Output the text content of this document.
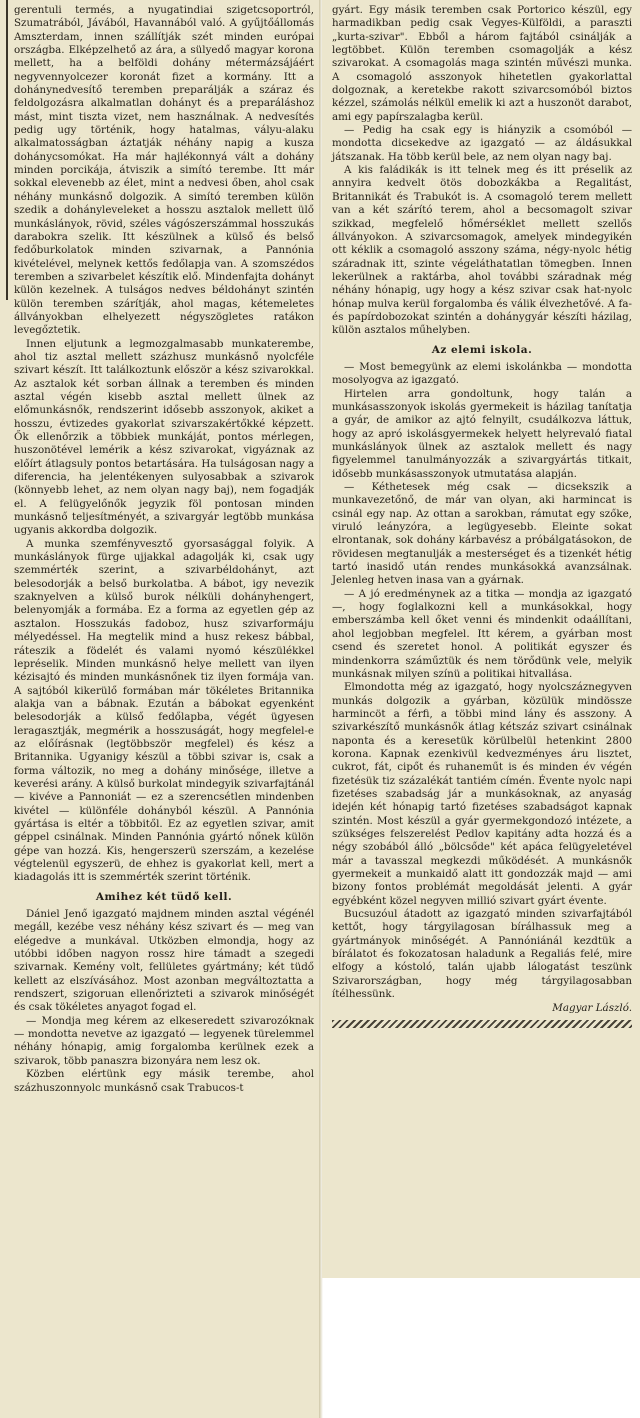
gerentuli termés, a nyugatindiai szigetcsoportról, Szumatrából, Jávából, Havannából való. A gyűjtőállomás Amszterdam, innen szállítják szét minden európai országba. Elképzelhető az ára, a sülyedő magyar korona mellett, ha a belföldi dohány métermázsájáért negyvennyolcezer koronát fizet a kormány. Itt a dohánynedvesítő teremben preparálják a száraz és feldolgozásra alkalmatlan dohányt és a preparáláshoz mást, mint tiszta vizet, nem használnak. A nedvesítés pedig ugy történik, hogy hatalmas, vályu-alaku alkalmatosságban áztatják néhány napig a kusza dohánycsomókat. Ha már hajlékonnyá vált a dohány minden porcikája, átviszik a simító terembe. Itt már sokkal elevenebb az élet, mint a nedvesi őben, ahol csak néhány munkásnő dolgozik. A simító teremben külön szedik a dohányleveleket a hosszu asztalok mellett ülő munkáslányok, rövid, széles vágószerszámmal hosszukás darabokra szelik. Itt készülnek a külső és belső fedőburkolatok minden szivarnak, a Pannónia kivételével, melynek kettős fedőlapja van. A szomszédos teremben a szivarbelet készítik elő. Mindenfajta dohányt külön kezelnek. A tulságos nedves béldohányt szintén külön teremben szárítják, ahol magas, kétemeletes állványokban elhelyezett négyszögletes ratákon levegőztetik.

Innen eljutunk a legmozgalmasabb munkaterembe, ahol tiz asztal mellett százhusz munkásnő nyolcféle szivart készít. Itt találkoztunk először a kész szivarokkal. Az asztalok két sorban állnak a teremben és minden asztal végén kisebb asztal mellett ülnek az előmunkásnők, rendszerint idősebb asszonyok, akiket a hosszu, évtizedes gyakorlat szivarszakértőkké képzett. Ők ellenőrzik a többiek munkáját, pontos mérlegen, huszonötével lemérik a kész szivarokat, vigyáznak az előírt átlagsuly pontos betartására. Ha tulságosan nagy a diferencia, ha jelentékenyen sulyosabbak a szivarok (könnyebb lehet, az nem olyan nagy baj), nem fogadják el. A felügyelőnők jegyzik föl pontosan minden munkásnő teljesítményét, a szivargyár legtöbb munkása ugyanis akkordba dolgozik.

A munka szemfényvesztő gyorsasággal folyik. A munkáslányok fürge ujjakkal adagolják ki, csak ugy szemmérték szerint, a szivarbéldohányt, azt belesodorják a belső burkolatba. A bábot, igy nevezik szaknyelven a külső burok nélküli dohányhengert, belenyomják a formába. Ez a forma az egyetlen gép az asztalon. Hosszukás fadoboz, husz szivarformáju mélyedéssel. Ha megtelik mind a husz rekesz bábbal, ráteszik a födelét és valami nyomó készülékkel lepréselik. Minden munkásnő helye mellett van ilyen kézisajtó és minden munkásnőnek tiz ilyen formája van. A sajtóból kikerülő formában már tökéletes Britannika alakja van a bábnak. Ezután a bábokat egyenként belesodorják a külső fedőlapba, végét ügyesen leragasztják, megmérik a hosszuságát, hogy megfelel-e az előírásnak (legtöbbször megfelel) és kész a Britannika. Ugyanigy készül a többi szivar is, csak a forma változik, no meg a dohány minősége, illetve a keverési arány. A külső burkolat mindegyik szivarfajtánál — kivéve a Pannoniát — ez a szerencsétlen mindenben kivétel — különféle dohányból készül. A Pannónia gyártása is eltér a többitől. Ez az egyetlen szivar, amit géppel csinálnak. Minden Pannónia gyártó nőnek külön gépe van hozzá. Kis, hengerszerü szerszám, a kezelése végtelenül egyszerü, de ehhez is gyakorlat kell, mert a kiadagolás itt is szemmérték szerint történik.

Amihez két tüdő kell.

Dániel Jenő igazgató majdnem minden asztal végénél megáll, kezébe vesz néhány kész szivart és — meg van elégedve a munkával. Utközben elmondja, hogy az utóbbi időben nagyon rossz hire támadt a szegedi szivarnak. Kemény volt, fellületes gyártmány; két tüdő kellett az elszívásához. Most azonban megváltoztatta a rendszert, szigoruan ellenőrizteti a szivarok minőségét és csak tökéletes anyagot fogad el.

— Mondja meg kérem az elkeseredett szivarozóknak — mondotta nevetve az igazgató — legyenek türelemmel néhány hónapig, amig forgalomba kerülnek ezek a szivarok, több panaszra bizonyára nem lesz ok.

Közben elértünk egy másik terembe, ahol százhuszonnyolc munkásnő csak Trabucos-t

gyárt. Egy másik teremben csak Portorico készül, egy harmadikban pedig csak Vegyes-Külföldi, a paraszti „kurta-szivar". Ebből a három fajtából csinálják a legtöbbet. Külön teremben csomagolják a kész szivarokat. A csomagolás maga szintén művészi munka. A csomagoló asszonyok hihetetlen gyakorlattal dolgoznak, a keretekbe rakott szivarcsomóból biztos kézzel, számolás nélkül emelik ki azt a huszonöt darabot, ami egy papírszalagba kerül.

— Pedig ha csak egy is hiányzik a csomóból — mondotta dicsekedve az igazgató — az áldásukkal játszanak. Ha több kerül bele, az nem olyan nagy baj.

A kis faládikák is itt telnek meg és itt préselik az annyira kedvelt ötös dobozkákba a Regalitást, Britannikát és Trabukót is. A csomagoló terem mellett van a két szárító terem, ahol a becsomagolt szivar szikkad, megfelelő hőmérséklet mellett szellős állványokon. A szivarcsomagok, amelyek mindegyikén ott kéklik a csomagoló asszony száma, négy-nyolc hétig száradnak itt, szinte végeláthatatlan tömegben. Innen lekerülnek a raktárba, ahol további száradnak még néhány hónapig, ugy hogy a kész szivar csak hat-nyolc hónap mulva kerül forgalomba és válik élvezhetővé. A fa- és papírdobozokat szintén a dohánygyár készíti házilag, külön asztalos műhelyben.

Az elemi iskola.

— Most bemegyünk az elemi iskolánkba — mondotta mosolyogva az igazgató.

Hirtelen arra gondoltunk, hogy talán a munkásasszonyok iskolás gyermekeit is házilag tanítatja a gyár, de amikor az ajtó felnyilt, csudálkozva láttuk, hogy az apró iskolásgyermekek helyett helyrevaló fiatal munkáslányok ülnek az asztalok mellett és nagy figyelemmel tanulmányozzák a szivargyártás titkait, idősebb munkásasszonyok utmutatása alapján.

— Kéthetesek még csak — dicsekszik a munkavezetőnő, de már van olyan, aki harmincat is csinál egy nap. Az ottan a sarokban, rámutat egy szőke, viruló leányzóra, a legügyesebb. Eleinte sokat elrontanak, sok dohány kárbavész a próbálgatásokon, de rövidesen megtanulják a mesterséget és a tizenkét hétig tartó inasidő után rendes munkásokká avanzsálnak. Jelenleg hetven inasa van a gyárnak.

— A jó eredménynek az a titka — mondja az igazgató —, hogy foglalkozni kell a munkásokkal, hogy emberszámba kell őket venni és mindenkit odaállítani, ahol legjobban megfelel. Itt kérem, a gyárban most csend és szeretet honol. A politikát egyszer és mindenkorra száműztük és nem törődünk vele, melyik munkásnak milyen színü a politikai hitvallása.

Elmondotta még az igazgató, hogy nyolcszáznegyven munkás dolgozik a gyárban, közülük mindössze harmincöt a férfi, a többi mind lány és asszony. A szivarkészítő munkásnők átlag kétszáz szivart csinálnak naponta és a keresetük körülbelül hetenkint 2800 korona. Kapnak ezenkivül kedvezményes áru lisztet, cukrot, fát, cipőt és ruhaneműt is és minden év végén fizetésük tiz százalékát tantiém címén. Évente nyolc napi fizetéses szabadság jár a munkásoknak, az anyaság idején két hónapig tartó fizetéses szabadságot kapnak szintén. Most készül a gyár gyermekgondozó intézete, a szükséges felszerelést Pedlov kapitány adta hozzá és a négy szobából álló „bölcsőde" két apáca felügyeletével már a tavasszal megkezdi működését. A munkásnők gyermekeit a munkaidő alatt itt gondozzák majd — ami bizony fontos problémát megoldását jelenti. A gyár egyébként közel negyven millió szivart gyárt évente.

Bucsuzóul átadott az igazgató minden szivarfajtából kettőt, hogy tárgyilagosan bírálhassuk meg a gyártmányok minőségét. A Pannóniánál kezdtük a bírálatot és fokozatosan haladunk a Regaliás felé, mire elfogy a kóstoló, talán ujabb lálogatást teszünk Szivarországban, hogy még tárgyilagosabban ítélhessünk.

Magyar László.
